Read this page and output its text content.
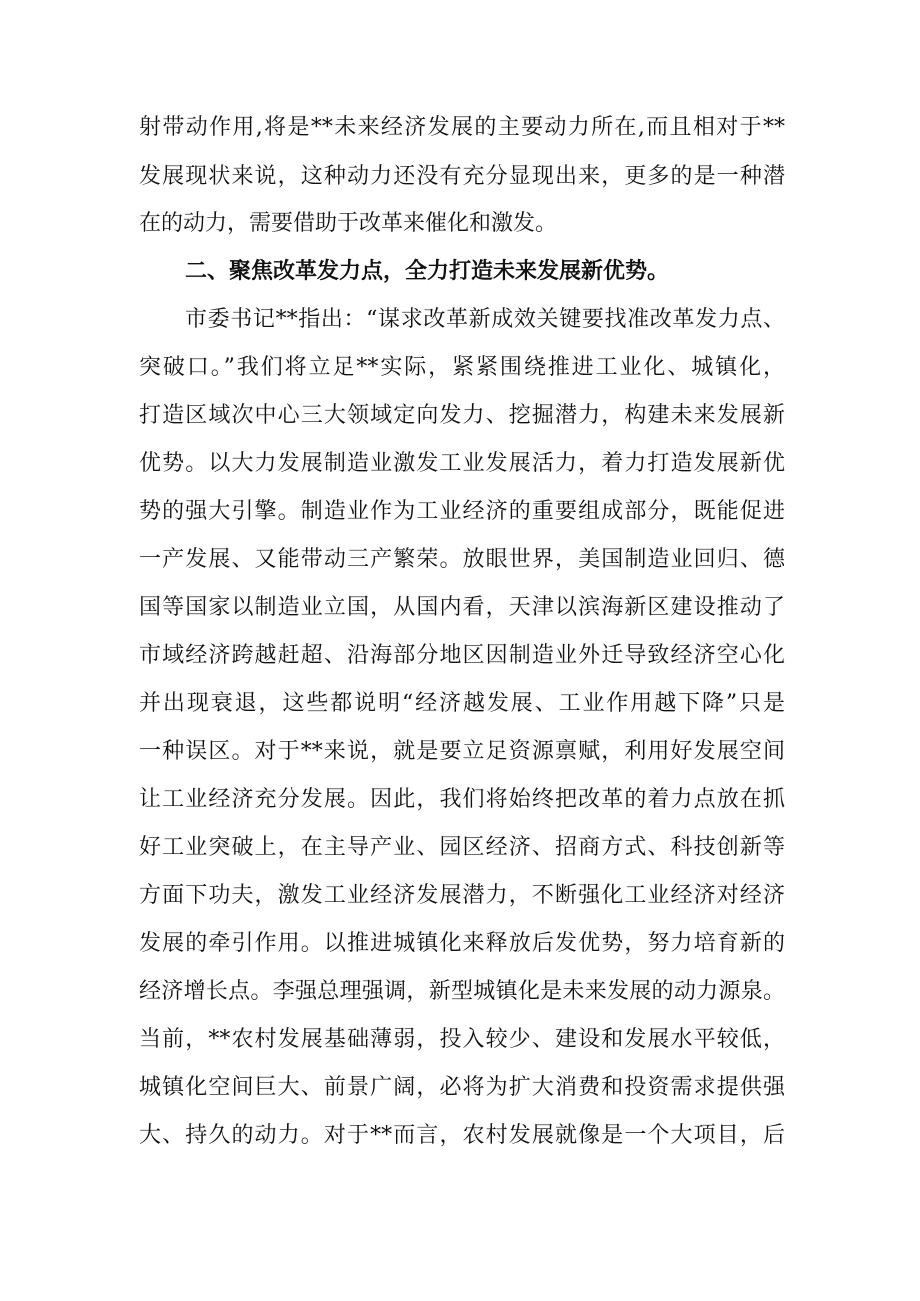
射带动作用,将是**未来经济发展的主要动力所在,而且相对于**
发展现状来说，这种动力还没有充分显现出来，更多的是一种潜
在的动力，需要借助于改革来催化和激发。
二、聚焦改革发力点，全力打造未来发展新优势。
市委书记**指出：“谋求改革新成效关键要找准改革发力点、
突破口。”我们将立足**实际，紧紧围绕推进工业化、城镇化，
打造区域次中心三大领域定向发力、挖掘潜力，构建未来发展新
优势。以大力发展制造业激发工业发展活力，着力打造发展新优
势的强大引擎。制造业作为工业经济的重要组成部分，既能促进
一产发展、又能带动三产繁荣。放眼世界，美国制造业回归、德
国等国家以制造业立国，从国内看，天津以滨海新区建设推动了
市域经济跨越赶超、沿海部分地区因制造业外迁导致经济空心化
并出现衰退，这些都说明“经济越发展、工业作用越下降”只是
一种误区。对于**来说，就是要立足资源禀赋，利用好发展空间
让工业经济充分发展。因此，我们将始终把改革的着力点放在抓
好工业突破上，在主导产业、园区经济、招商方式、科技创新等
方面下功夫，激发工业经济发展潜力，不断强化工业经济对经济
发展的牵引作用。以推进城镇化来释放后发优势，努力培育新的
经济增长点。李强总理强调，新型城镇化是未来发展的动力源泉。
当前，**农村发展基础薄弱，投入较少、建设和发展水平较低，
城镇化空间巨大、前景广阔，必将为扩大消费和投资需求提供强
大、持久的动力。对于**而言，农村发展就像是一个大项目，后
